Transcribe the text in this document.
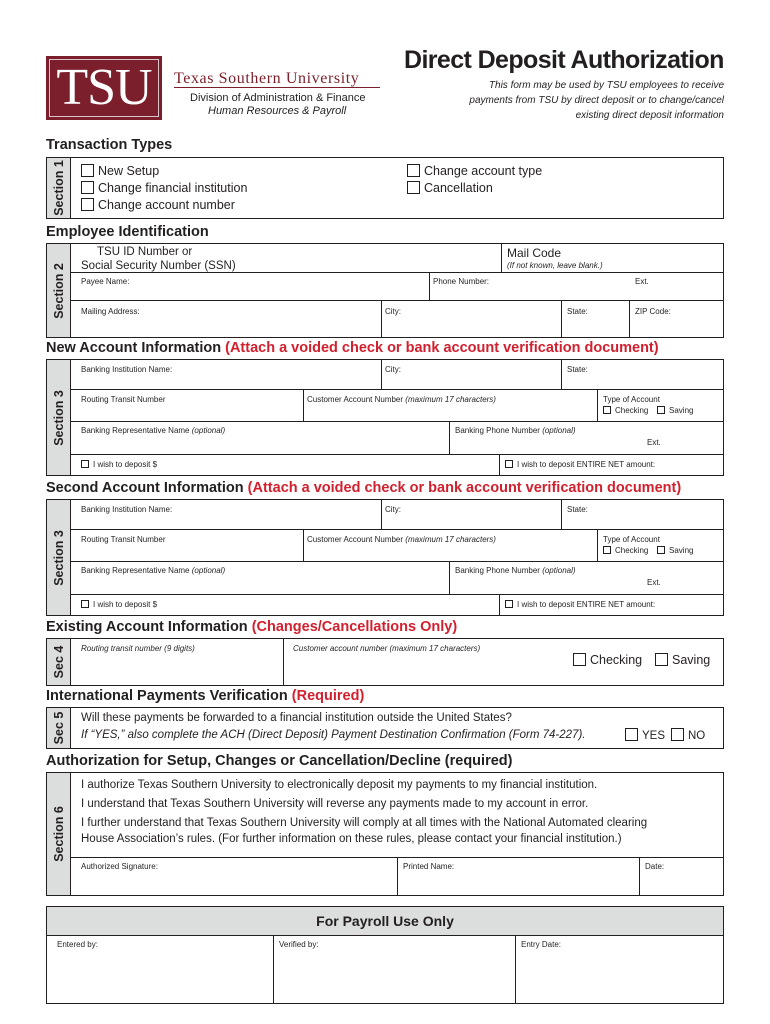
TSU	Texas Southern University
Division of Administration & Finance
Human Resources & Payroll
Direct Deposit Authorization
This form may be used by TSU employees to receive
payments from TSU by direct deposit or to change/cancel
existing direct deposit information
Transaction Types
Section 1	New Setup
Change financial institution
Change account number
Change account type
Cancellation
Employee Identification
Section 2
TSU ID Number or
Social Security Number (SSN)
Mail Code
(If not known, leave blank.)
Payee Name:	Phone Number:	Ext.
Mailing Address:	City:	State:	ZIP Code:
New Account Information (Attach a voided check or bank account verification document)
Section 3
Banking Institution Name:	City:	State:
Routing Transit Number	Customer Account Number (maximum 17 characters)	Type of Account
Checking	Saving
Banking Representative Name (optional)	Banking Phone Number (optional)
Ext.
I wish to deposit $	I wish to deposit ENTIRE NET amount:
Second Account Information (Attach a voided check or bank account verification document)
Section 3
Banking Institution Name:	City:	State:
Routing Transit Number	Customer Account Number (maximum 17 characters)	Type of Account
Checking	Saving
Banking Representative Name (optional)	Banking Phone Number (optional)
Ext.
I wish to deposit $	I wish to deposit ENTIRE NET amount:
Existing Account Information (Changes/Cancellations Only)
Sec 4 Routing transit number (9 digits)	Customer account number (maximum 17 characters)
Checking	Saving
International Payments Verification (Required)
Sec 5 Will these payments be forwarded to a financial institution outside the United States?
If “YES,” also complete the ACH (Direct Deposit) Payment Destination Confirmation (Form 74-227).	YES	NO
Authorization for Setup, Changes or Cancellation/Decline (required)
Section 6
I authorize Texas Southern University to electronically deposit my payments to my financial institution.
I understand that Texas Southern University will reverse any payments made to my account in error.
I further understand that Texas Southern University will comply at all times with the National Automated clearing
House Association’s rules. (For further information on these rules, please contact your financial institution.)
Authorized Signature:	Printed Name:	Date:
For Payroll Use Only
Entered by:	Verified by:	Entry Date:
